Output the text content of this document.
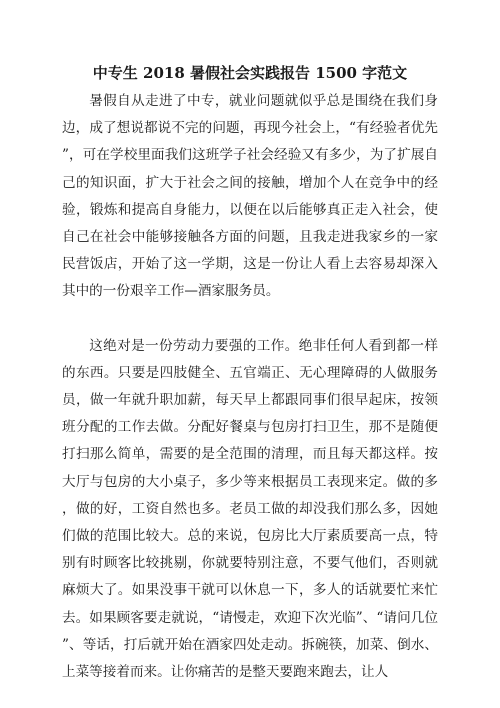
中专生 2018 暑假社会实践报告 1500 字范文

暑假自从走进了中专，就业问题就似乎总是围绕在我们身边，成了想说都说不完的问题，再现今社会上，“有经验者优先”，可在学校里面我们这班学子社会经验又有多少，为了扩展自己的知识面，扩大于社会之间的接触，增加个人在竞争中的经验，锻炼和提高自身能力，以便在以后能够真正走入社会，使自己在社会中能够接触各方面的问题，且我走进我家乡的一家民营饭店，开始了这一学期，这是一份让人看上去容易却深入其中的一份艰辛工作—酒家服务员。

这绝对是一份劳动力要强的工作。绝非任何人看到都一样的东西。只要是四肢健全、五官端正、无心理障碍的人做服务员，做一年就升职加薪，每天早上都跟同事们很早起床，按领班分配的工作去做。分配好餐桌与包房打扫卫生，那不是随便打扫那么简单，需要的是全范围的清理，而且每天都这样。按大厅与包房的大小桌子，多少等来根据员工表现来定。做的多，做的好，工资自然也多。老员工做的却没我们那么多，因她们做的范围比较大。总的来说，包房比大厅素质要高一点，特别有时顾客比较挑剔，你就要特别注意，不要气他们，否则就麻烦大了。如果没事干就可以休息一下，多人的话就要忙来忙去。如果顾客要走就说，“请慢走，欢迎下次光临”、“请问几位”、等话，打后就开始在酒家四处走动。拆碗筷，加菜、倒水、上菜等接着而来。让你痛苦的是整天要跑来跑去，让人
